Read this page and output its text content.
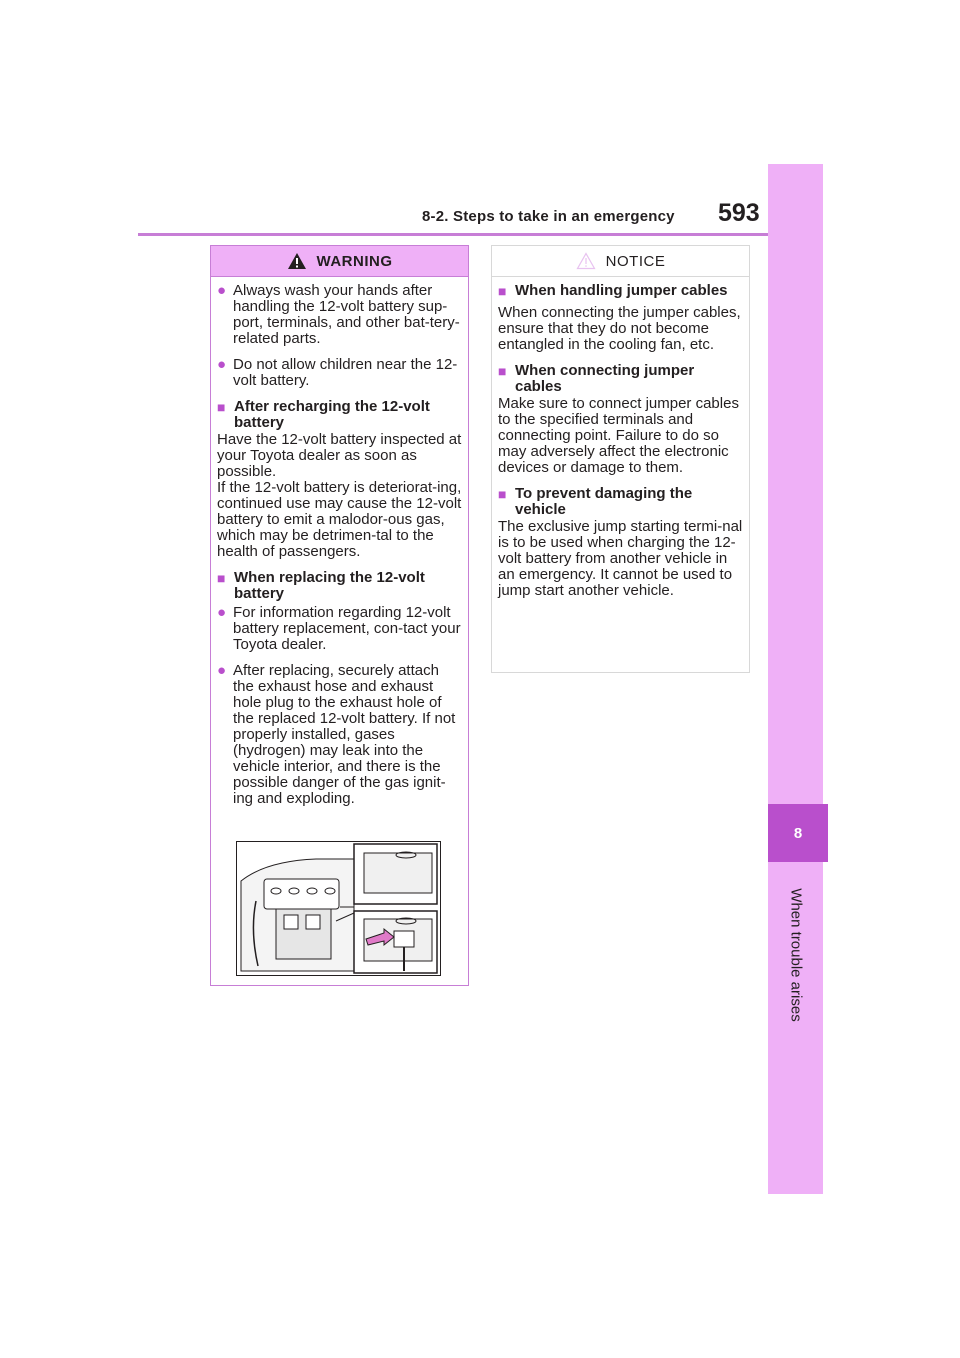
8-2. Steps to take in an emergency 593
8
When trouble arises
WARNING
● Always wash your hands after handling the 12-volt battery sup-port, terminals, and other bat-tery-related parts.
● Do not allow children near the 12-volt battery.
■ After recharging the 12-volt battery
Have the 12-volt battery inspected at your Toyota dealer as soon as possible.
If the 12-volt battery is deteriorat-ing, continued use may cause the 12-volt battery to emit a malodor-ous gas, which may be detrimen-tal to the health of passengers.
■ When replacing the 12-volt battery
● For information regarding 12-volt battery replacement, con-tact your Toyota dealer.
● After replacing, securely attach the exhaust hose and exhaust hole plug to the exhaust hole of the replaced 12-volt battery. If not properly installed, gases (hydrogen) may leak into the vehicle interior, and there is the possible danger of the gas ignit-ing and exploding.
NOTICE
■ When handling jumper cables
When connecting the jumper cables, ensure that they do not become entangled in the cooling fan, etc.
■ When connecting jumper cables
Make sure to connect jumper cables to the specified terminals and connecting point. Failure to do so may adversely affect the electronic devices or damage to them.
■ To prevent damaging the vehicle
The exclusive jump starting termi-nal is to be used when charging the 12-volt battery from another vehicle in an emergency. It cannot be used to jump start another vehicle.
